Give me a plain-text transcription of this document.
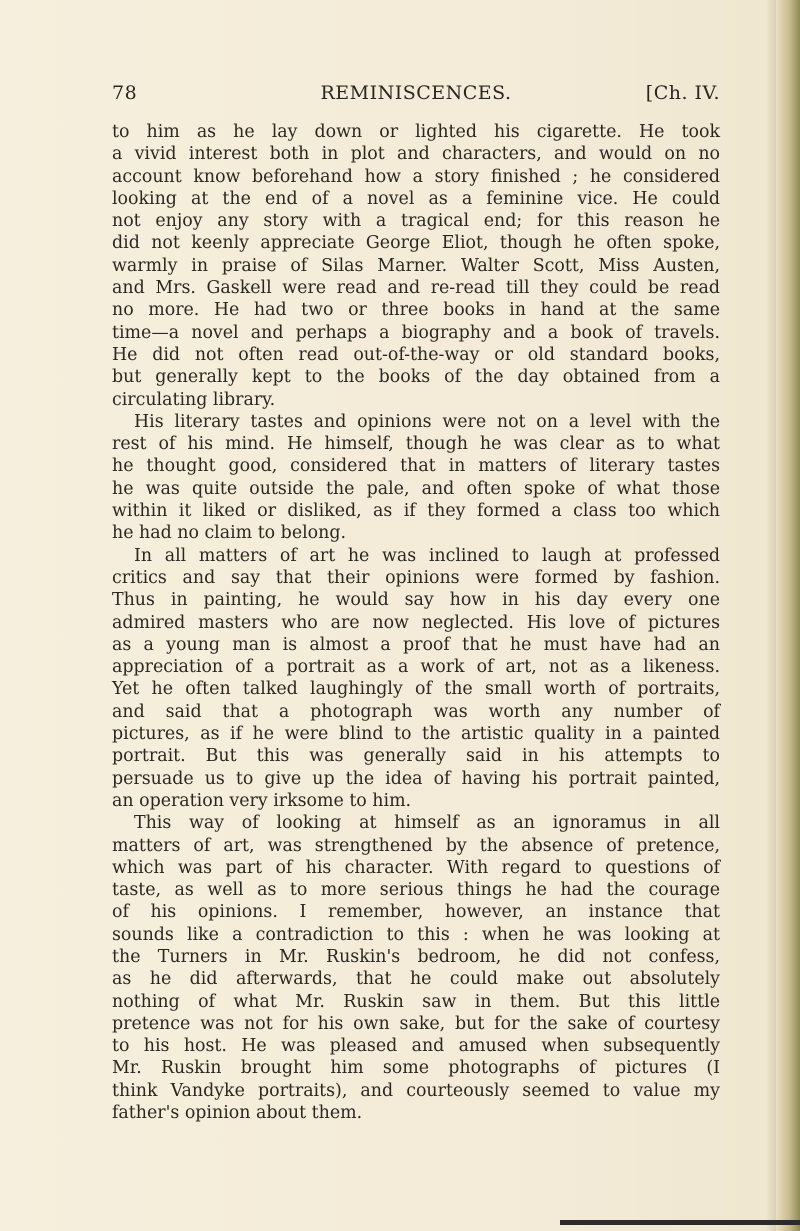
78	REMINISCENCES.	[Ch. IV.
to him as he lay down or lighted his cigarette. He took
a vivid interest both in plot and characters, and would on no
account know beforehand how a story finished ; he considered
looking at the end of a novel as a feminine vice. He could
not enjoy any story with a tragical end; for this reason he
did not keenly appreciate George Eliot, though he often spoke,
warmly in praise of Silas Marner. Walter Scott, Miss Austen,
and Mrs. Gaskell were read and re-read till they could be read
no more. He had two or three books in hand at the same
time—a novel and perhaps a biography and a book of travels.
He did not often read out-of-the-way or old standard books,
but generally kept to the books of the day obtained from a
circulating library.
His literary tastes and opinions were not on a level with the
rest of his mind. He himself, though he was clear as to what
he thought good, considered that in matters of literary tastes
he was quite outside the pale, and often spoke of what those
within it liked or disliked, as if they formed a class too which
he had no claim to belong.
In all matters of art he was inclined to laugh at professed
critics and say that their opinions were formed by fashion.
Thus in painting, he would say how in his day every one
admired masters who are now neglected. His love of pictures
as a young man is almost a proof that he must have had an
appreciation of a portrait as a work of art, not as a likeness.
Yet he often talked laughingly of the small worth of portraits,
and said that a photograph was worth any number of
pictures, as if he were blind to the artistic quality in a painted
portrait. But this was generally said in his attempts to
persuade us to give up the idea of having his portrait painted,
an operation very irksome to him.
This way of looking at himself as an ignoramus in all
matters of art, was strengthened by the absence of pretence,
which was part of his character. With regard to questions of
taste, as well as to more serious things he had the courage
of his opinions. I remember, however, an instance that
sounds like a contradiction to this : when he was looking at
the Turners in Mr. Ruskin's bedroom, he did not confess,
as he did afterwards, that he could make out absolutely
nothing of what Mr. Ruskin saw in them. But this little
pretence was not for his own sake, but for the sake of courtesy
to his host. He was pleased and amused when subsequently
Mr. Ruskin brought him some photographs of pictures (I
think Vandyke portraits), and courteously seemed to value my
father's opinion about them.
